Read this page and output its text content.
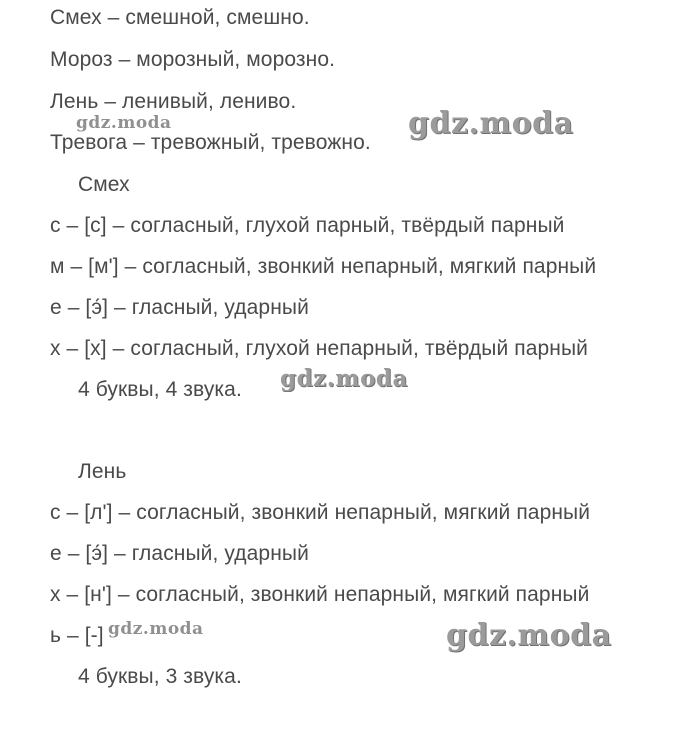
Смех – смешной, смешно.
Мороз – морозный, морозно.
Лень – ленивый, лениво.
Тревога – тревожный, тревожно.
Смех
с – [с] – согласный, глухой парный, твёрдый парный
м – [м'] – согласный, звонкий непарный, мягкий парный
е – [э́] – гласный, ударный
х – [х] – согласный, глухой непарный, твёрдый парный
4 буквы, 4 звука.
Лень
с – [л'] – согласный, звонкий непарный, мягкий парный
е – [э́] – гласный, ударный
х – [н'] – согласный, звонкий непарный, мягкий парный
ь – [-]
4 буквы, 3 звука.
gdz.moda	gdz.moda
gdz.moda
gdz.moda	gdz.moda
